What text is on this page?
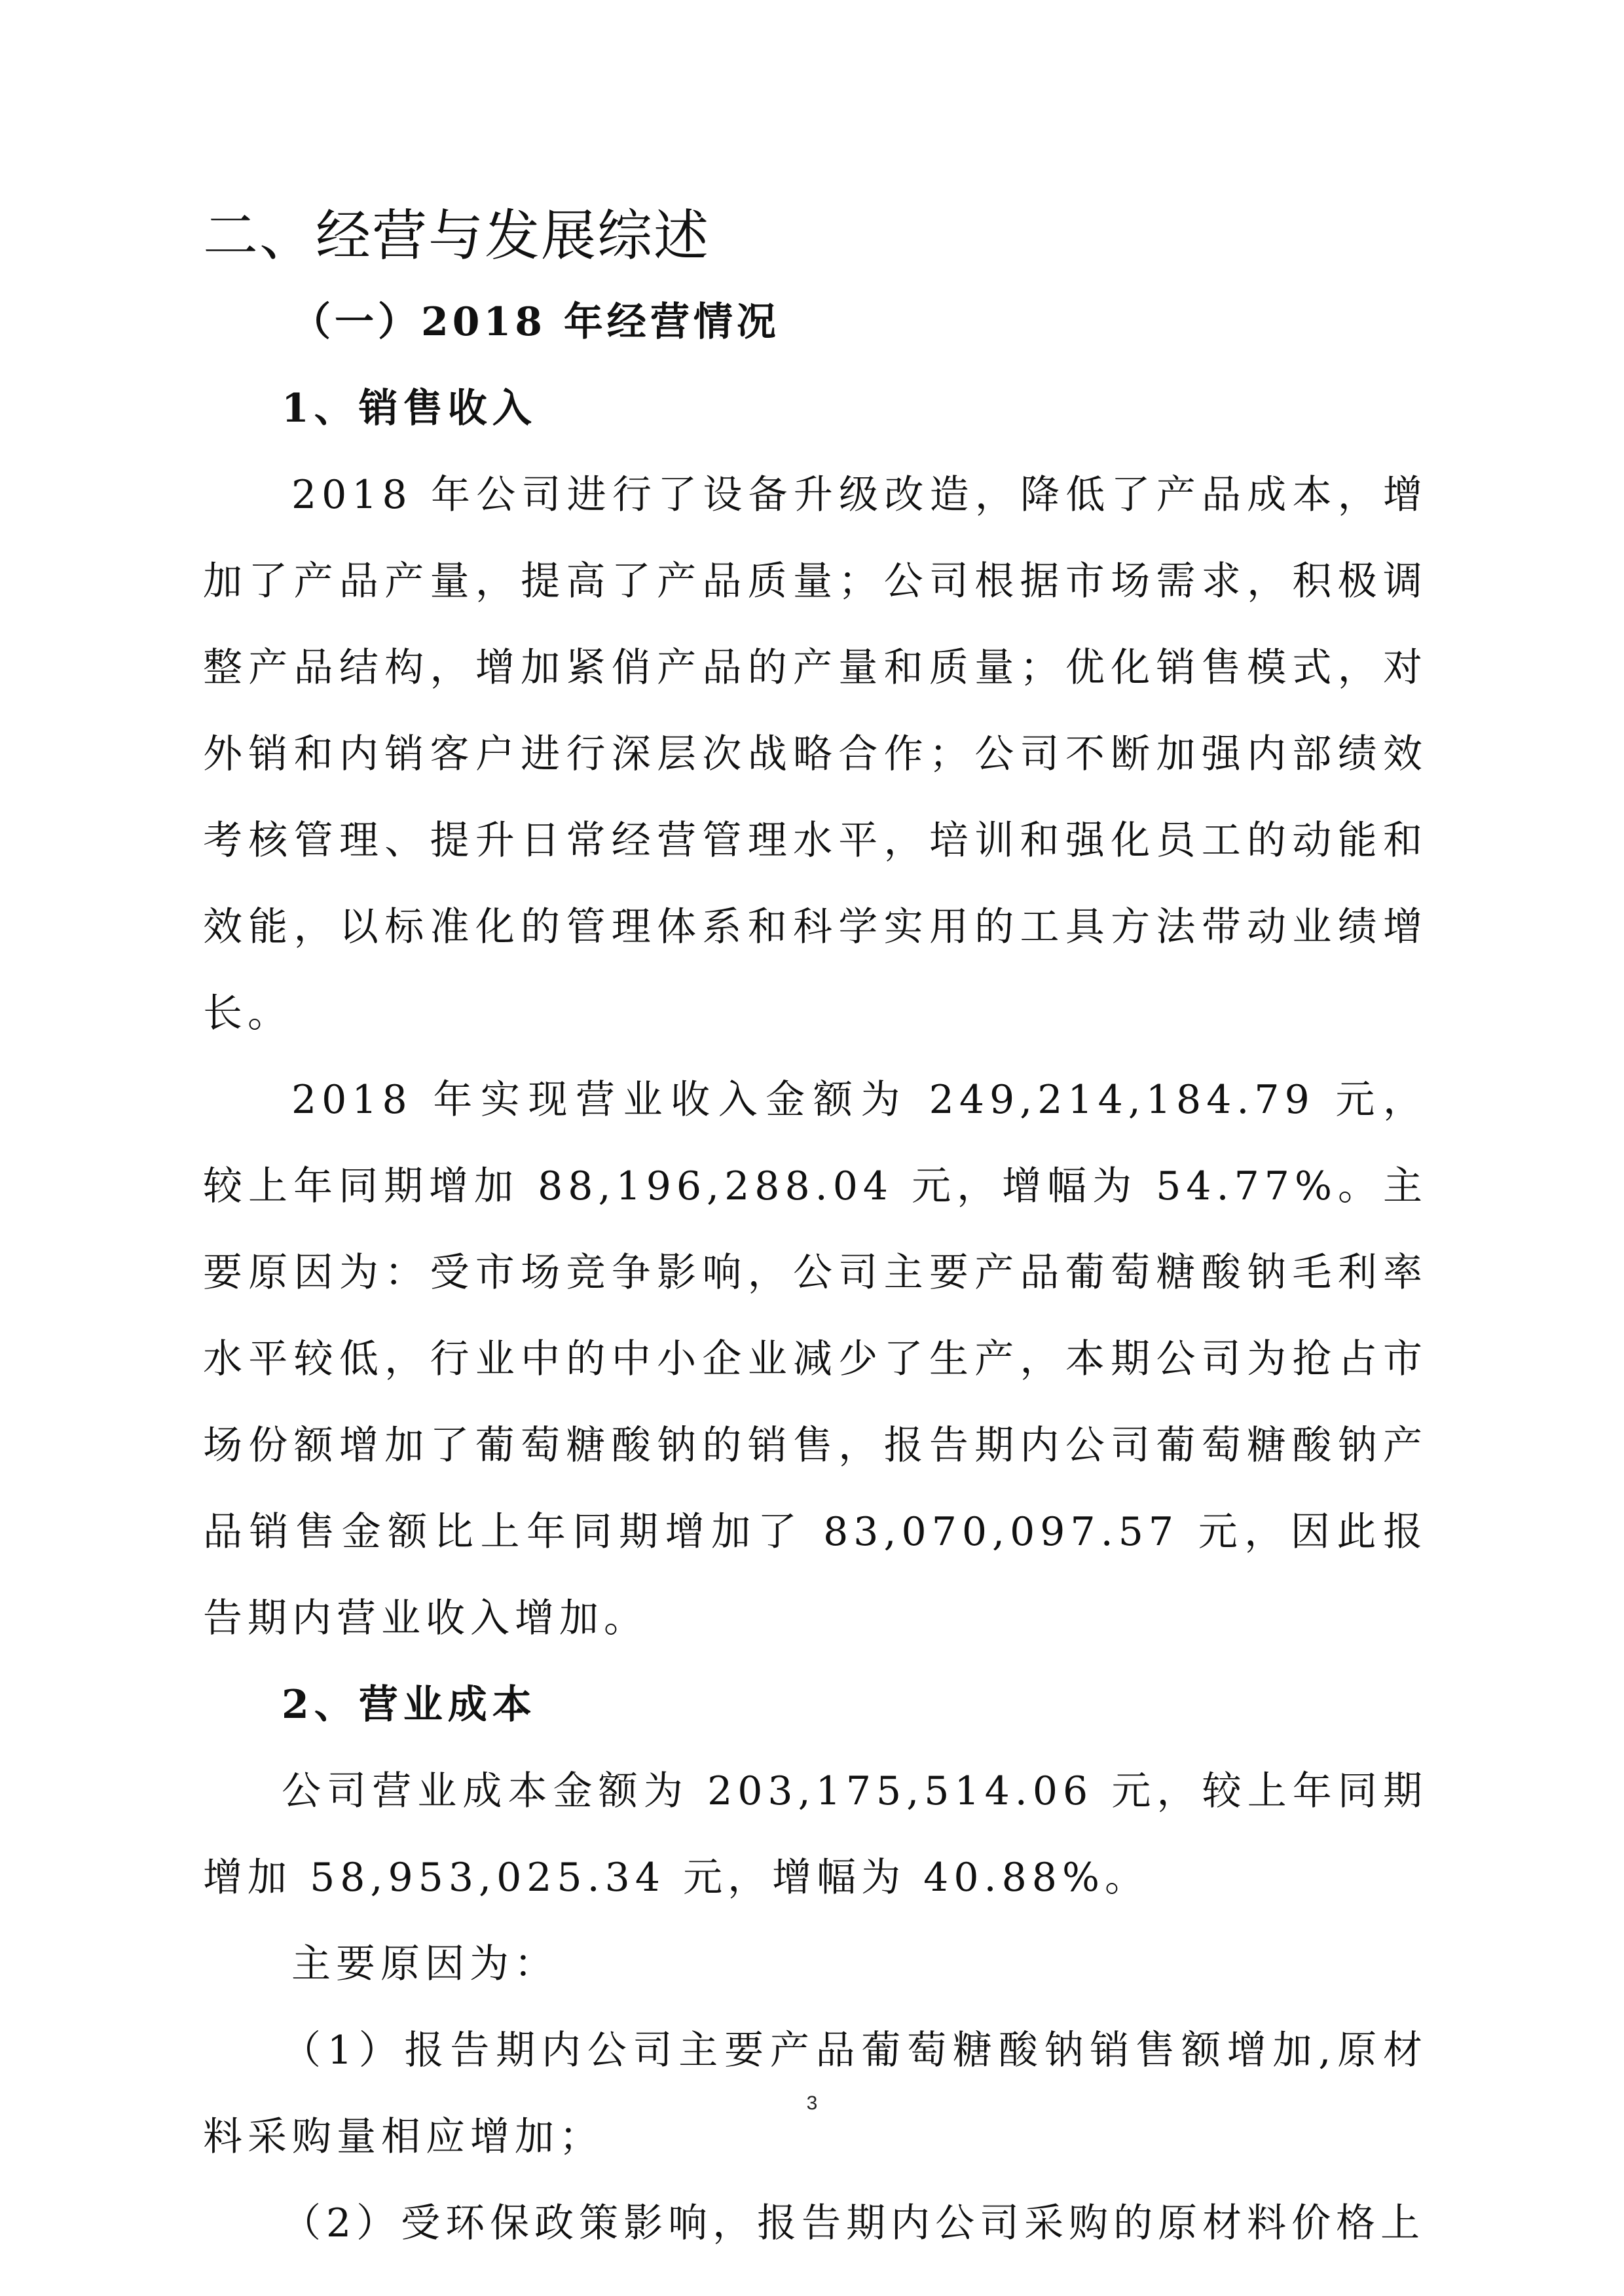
二、经营与发展综述
（一）2018 年经营情况
1、销售收入

2018 年公司进行了设备升级改造，降低了产品成本，增加了产品产量，提高了产品质量；公司根据市场需求，积极调整产品结构，增加紧俏产品的产量和质量；优化销售模式，对外销和内销客户进行深层次战略合作；公司不断加强内部绩效考核管理、提升日常经营管理水平，培训和强化员工的动能和效能，以标准化的管理体系和科学实用的工具方法带动业绩增长。

2018 年实现营业收入金额为 249,214,184.79 元，较上年同期增加 88,196,288.04 元，增幅为 54.77%。主要原因为：受市场竞争影响，公司主要产品葡萄糖酸钠毛利率水平较低，行业中的中小企业减少了生产，本期公司为抢占市场份额增加了葡萄糖酸钠的销售，报告期内公司葡萄糖酸钠产品销售金额比上年同期增加了 83,070,097.57 元，因此报告期内营业收入增加。

2、营业成本

公司营业成本金额为 203,175,514.06 元，较上年同期增加 58,953,025.34 元，增幅为 40.88%。

主要原因为：

（1）报告期内公司主要产品葡萄糖酸钠销售额增加,原材料采购量相应增加；

（2）受环保政策影响，报告期内公司采购的原材料价格上

3
